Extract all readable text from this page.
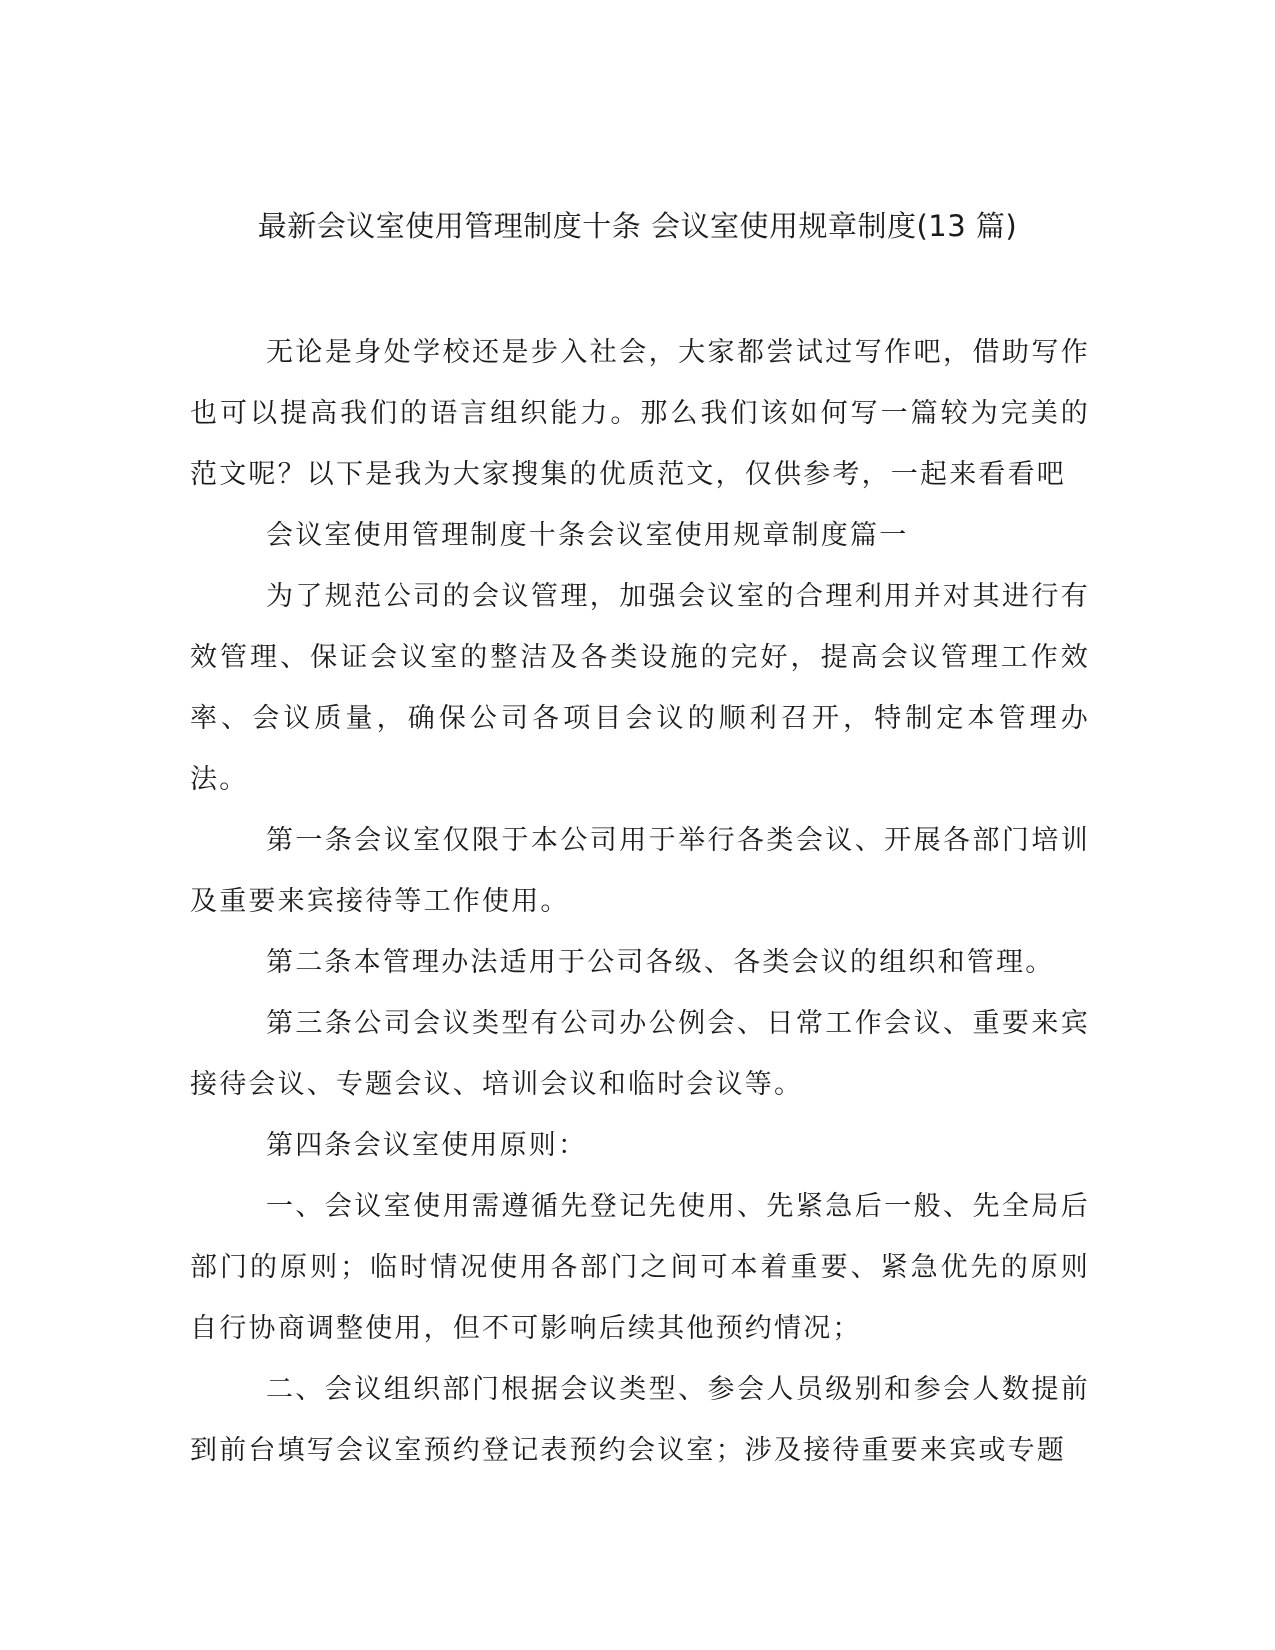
最新会议室使用管理制度十条 会议室使用规章制度(13 篇)

无论是身处学校还是步入社会，大家都尝试过写作吧，借助写作也可以提高我们的语言组织能力。那么我们该如何写一篇较为完美的范文呢？以下是我为大家搜集的优质范文，仅供参考，一起来看看吧

会议室使用管理制度十条会议室使用规章制度篇一

为了规范公司的会议管理，加强会议室的合理利用并对其进行有效管理、保证会议室的整洁及各类设施的完好，提高会议管理工作效率、会议质量，确保公司各项目会议的顺利召开，特制定本管理办法。

第一条会议室仅限于本公司用于举行各类会议、开展各部门培训及重要来宾接待等工作使用。

第二条本管理办法适用于公司各级、各类会议的组织和管理。

第三条公司会议类型有公司办公例会、日常工作会议、重要来宾接待会议、专题会议、培训会议和临时会议等。

第四条会议室使用原则：

一、会议室使用需遵循先登记先使用、先紧急后一般、先全局后部门的原则；临时情况使用各部门之间可本着重要、紧急优先的原则自行协商调整使用，但不可影响后续其他预约情况；

二、会议组织部门根据会议类型、参会人员级别和参会人数提前到前台填写会议室预约登记表预约会议室；涉及接待重要来宾或专题
